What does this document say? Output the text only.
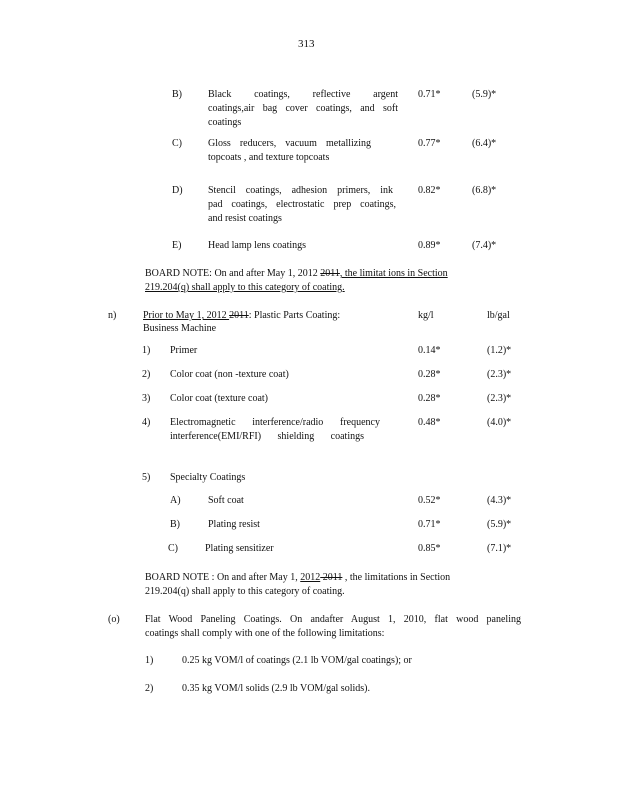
313
B)	Black coatings, reflective argent
coatings,air bag cover coatings, and soft
coatings
0.71*	(5.9)*
C)	Gloss reducers, vacuum metallizing
topcoats , and texture topcoats
0.77*	(6.4)*
D)	Stencil coatings, adhesion primers, ink
pad coatings, electrostatic prep coatings,
and resist coatings
0.82*	(6.8)*
E)	Head lamp lens coatings	0.89*	(7.4)*
BOARD NOTE: On and after May 1, 2012 2011, the limitat ions in Section
219.204(q) shall apply to this category of coating.
n)	Prior to May 1, 2012 2011: Plastic Parts Coating:
Business Machine
kg/l	lb/gal
1) Primer	0.14*	(1.2)*
2) Color coat (non -texture coat)	0.28*	(2.3)*
3) Color coat (texture coat)	0.28*	(2.3)*
4) Electromagnetic interference/radio frequency
interference(EMI/RFI) shielding coatings
0.48*	(4.0)*
5) Specialty Coatings
A)	Soft coat	0.52*	(4.3)*
B)	Plating resist	0.71*	(5.9)*
C)	Plating sensitizer	0.85*	(7.1)*
BOARD NOTE : On and after May 1, 2012 2011 , the limitations in Section
219.204(q) shall apply to this category of coating.
(o)	Flat Wood Paneling Coatings. On andafter August 1, 2010, flat wood paneling
coatings shall comply with one of the following limitations:
1)	0.25 kg VOM/l of coatings (2.1 lb VOM/gal coatings); or
2)	0.35 kg VOM/l solids (2.9 lb VOM/gal solids).
